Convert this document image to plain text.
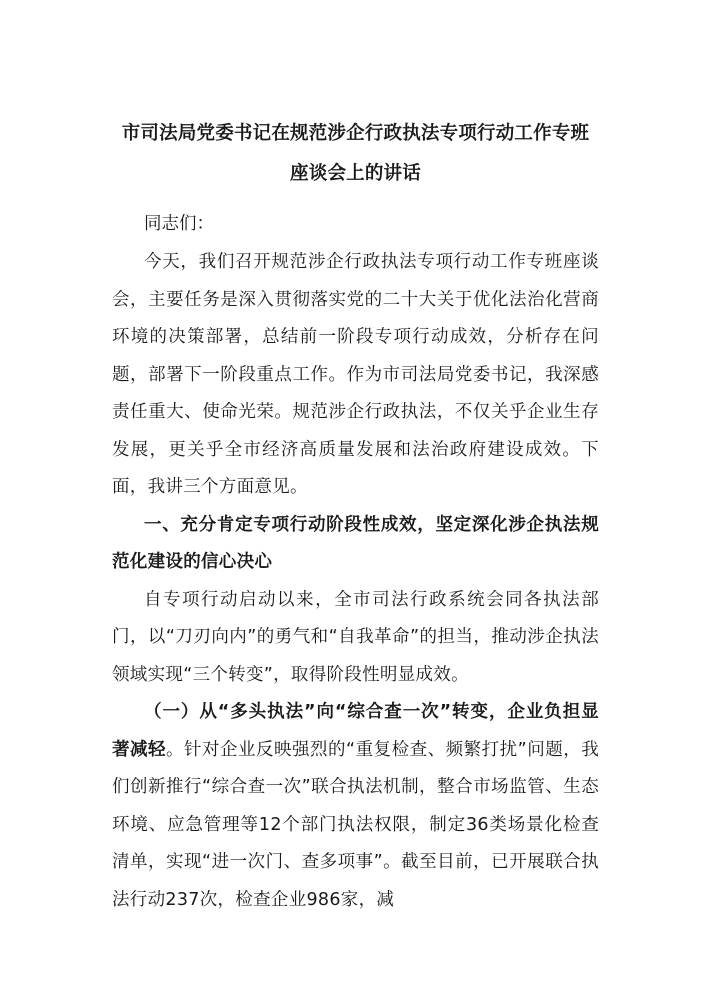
市司法局党委书记在规范涉企行政执法专项行动工作专班
座谈会上的讲话

同志们：

今天，我们召开规范涉企行政执法专项行动工作专班座谈会，主要任务是深入贯彻落实党的二十大关于优化法治化营商环境的决策部署，总结前一阶段专项行动成效，分析存在问题，部署下一阶段重点工作。作为市司法局党委书记，我深感责任重大、使命光荣。规范涉企行政执法，不仅关乎企业生存发展，更关乎全市经济高质量发展和法治政府建设成效。下面，我讲三个方面意见。

一、充分肯定专项行动阶段性成效，坚定深化涉企执法规范化建设的信心决心

自专项行动启动以来，全市司法行政系统会同各执法部门，以“刀刃向内”的勇气和“自我革命”的担当，推动涉企执法领域实现“三个转变”，取得阶段性明显成效。

（一）从“多头执法”向“综合查一次”转变，企业负担显著减轻。针对企业反映强烈的“重复检查、频繁打扰”问题，我们创新推行“综合查一次”联合执法机制，整合市场监管、生态环境、应急管理等12个部门执法权限，制定36类场景化检查清单，实现“进一次门、查多项事”。截至目前，已开展联合执法行动237次，检查企业986家，减
